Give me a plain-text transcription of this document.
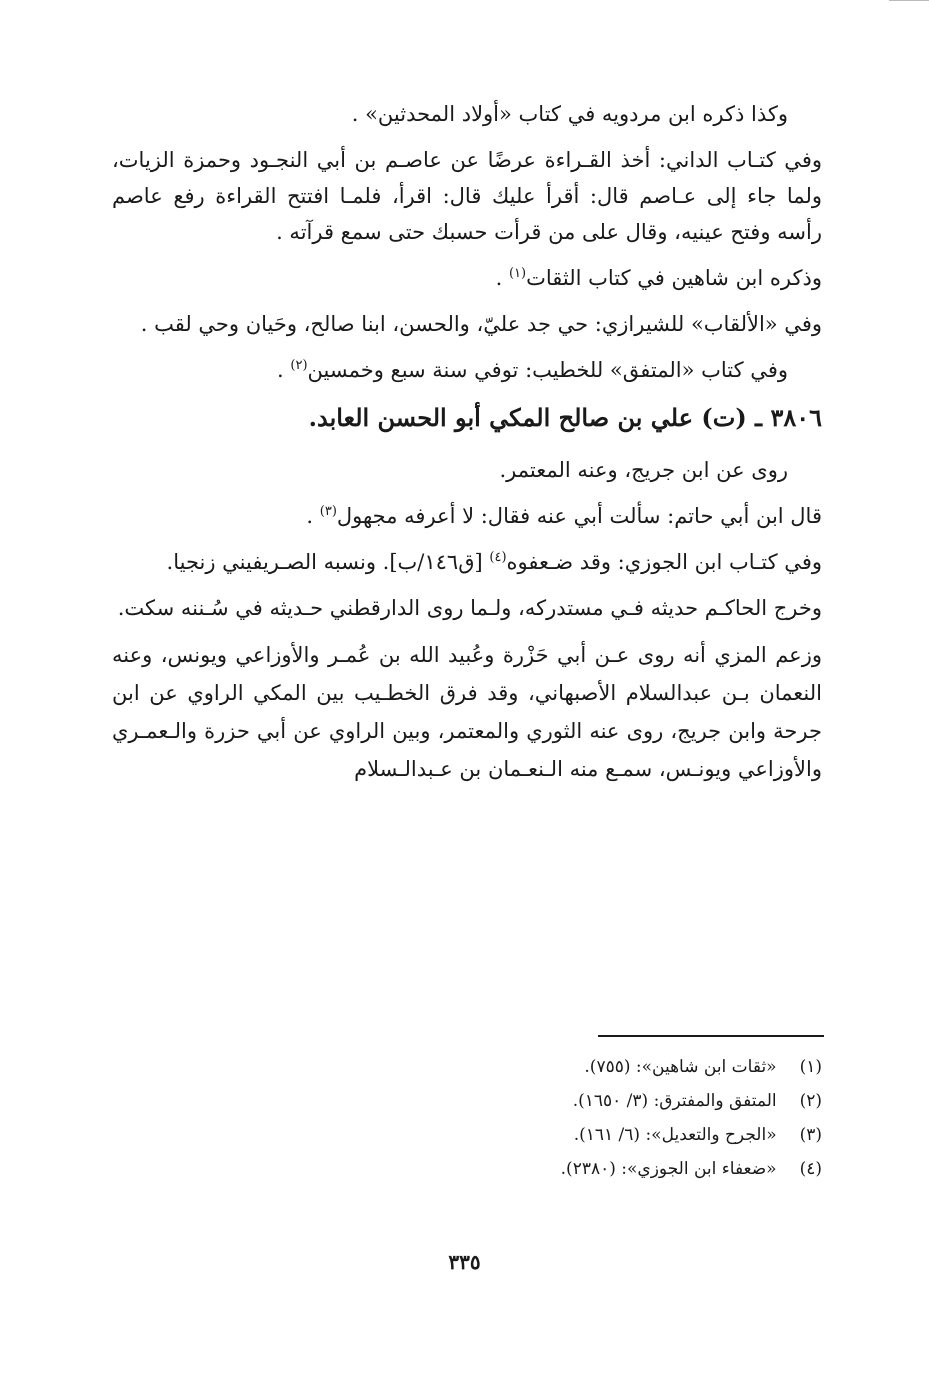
وكذا ذكره ابن مردويه في كتاب «أولاد المحدثين» .

وفي كتـاب الداني: أخذ القـراءة عرضًا عن عاصـم بن أبي النجـود وحمزة الزيات، ولما جاء إلى عـاصم قال: أقرأ عليك قال: اقرأ، فلمـا افتتح القراءة رفع عاصم رأسه وفتح عينيه، وقال على من قرأت حسبك حتى سمع قرآته .

وذكره ابن شاهين في كتاب الثقات$^{(١)}$ .

وفي «الألقاب» للشيرازي: حي جد عليّ، والحسن، ابنا صالح، وحَيان وحي لقب .

وفي كتاب «المتفق» للخطيب: توفي سنة سبع وخمسين$^{(٢)}$ .

٣٨٠٦ ـ (ت) علي بن صالح المكي أبو الحسن العابد.

روى عن ابن جريج، وعنه المعتمر.

قال ابن أبي حاتم: سألت أبي عنه فقال: لا أعرفه مجهول$^{(٣)}$ .

وفي كتـاب ابن الجوزي: وقد ضـعفوه$^{(٤)}$ [ق١٤٦/ب]. ونسبه الصـريفيني زنجيا.

وخرج الحاكـم حديثه فـي مستدركه، ولـما روى الدارقطني حـديثه في سُـننه سكت.

وزعم المزي أنه روى عـن أبي حَزْرة وعُبيد الله بن عُمـر والأوزاعي ويونس، وعنه النعمان بـن عبدالسلام الأصبهاني، وقد فرق الخطـيب بين المكي الراوي عن ابن جرحة وابن جريج، روى عنه الثوري والمعتمر، وبين الراوي عن أبي حزرة والـعمـري والأوزاعي ويونـس، سمـع منه الـنعـمان بن عـبدالـسلام

(١) «ثقات ابن شاهين»: (٧٥٥).

(٢) المتفق والمفترق: (٣/ ١٦٥٠).

(٣) «الجرح والتعديل»: (٦/ ١٦١).

(٤) «ضعفاء ابن الجوزي»: (٢٣٨٠).

٣٣٥
